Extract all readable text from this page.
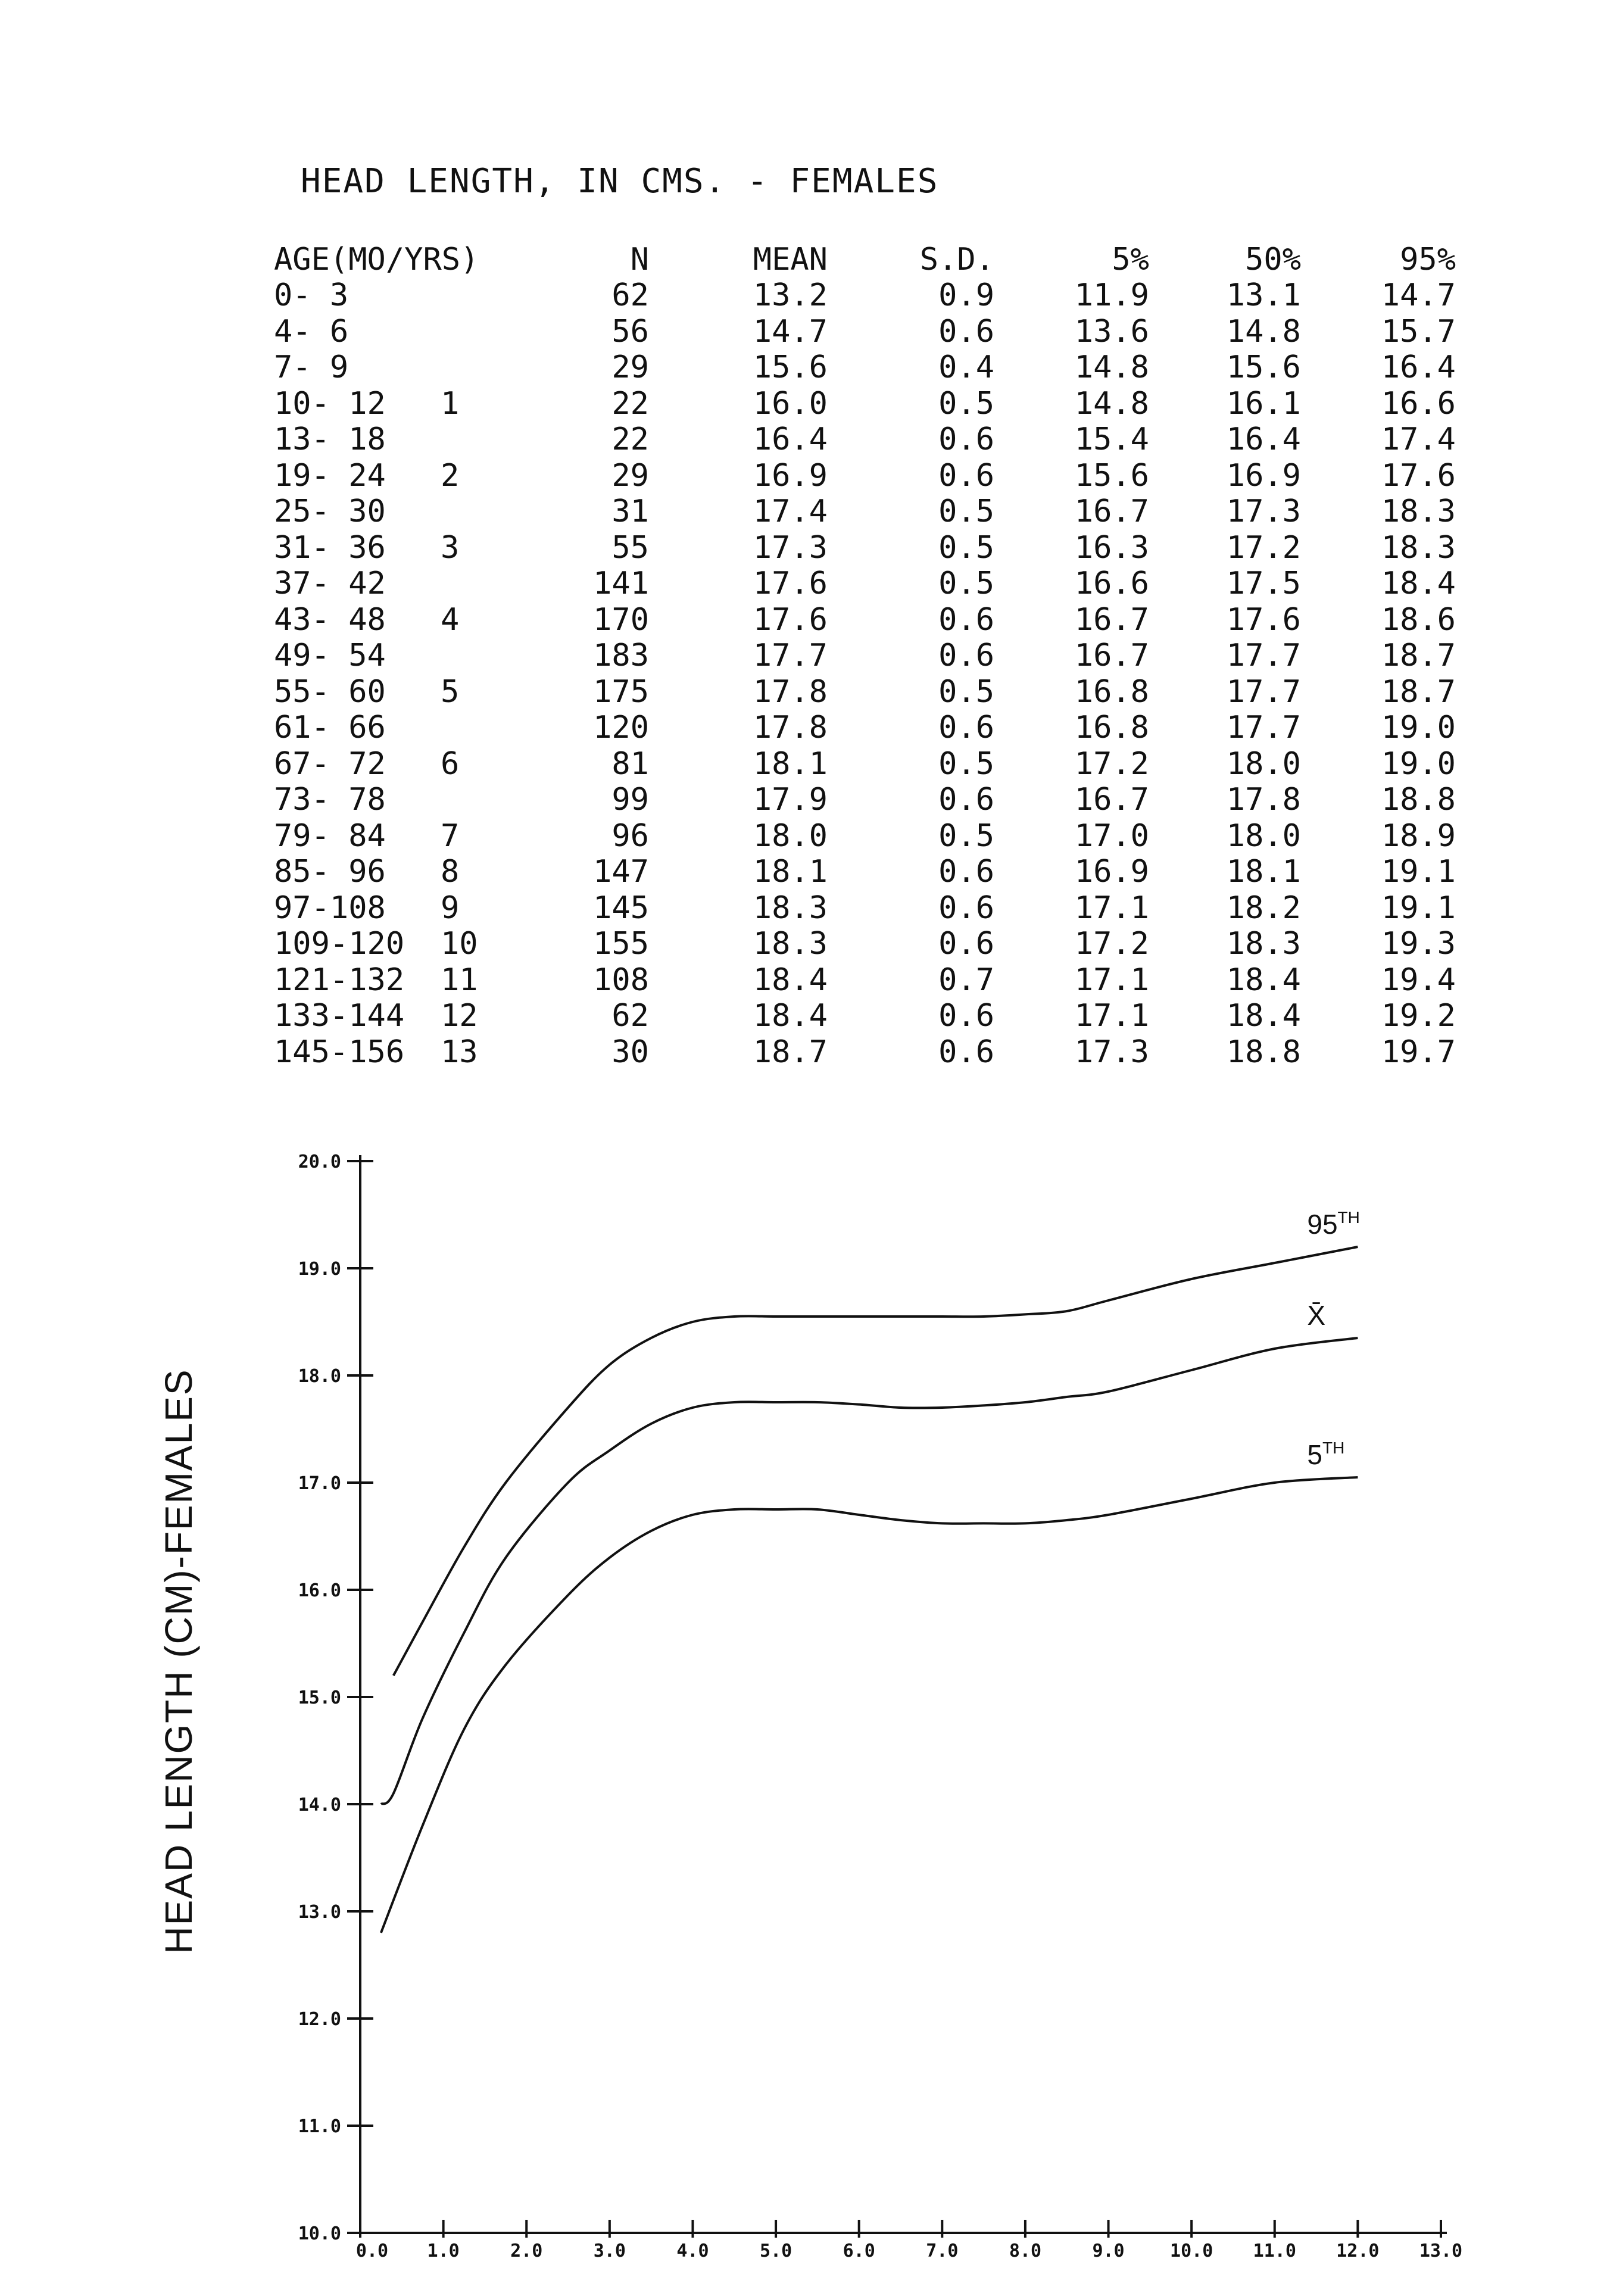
HEAD LENGTH, IN CMS. - FEMALES
AGE(MO/YRS)		N	MEAN	S.D.	5%	50%	95%
0- 3		62	13.2	0.9	11.9	13.1	14.7
4- 6		56	14.7	0.6	13.6	14.8	15.7
7- 9		29	15.6	0.4	14.8	15.6	16.4
10- 12	1	22	16.0	0.5	14.8	16.1	16.6
13- 18		22	16.4	0.6	15.4	16.4	17.4
19- 24	2	29	16.9	0.6	15.6	16.9	17.6
25- 30		31	17.4	0.5	16.7	17.3	18.3
31- 36	3	55	17.3	0.5	16.3	17.2	18.3
37- 42		141	17.6	0.5	16.6	17.5	18.4
43- 48	4	170	17.6	0.6	16.7	17.6	18.6
49- 54		183	17.7	0.6	16.7	17.7	18.7
55- 60	5	175	17.8	0.5	16.8	17.7	18.7
61- 66		120	17.8	0.6	16.8	17.7	19.0
67- 72	6	81	18.1	0.5	17.2	18.0	19.0
73- 78		99	17.9	0.6	16.7	17.8	18.8
79- 84	7	96	18.0	0.5	17.0	18.0	18.9
85- 96	8	147	18.1	0.6	16.9	18.1	19.1
97-108	9	145	18.3	0.6	17.1	18.2	19.1
109-120	10	155	18.3	0.6	17.2	18.3	19.3
121-132	11	108	18.4	0.7	17.1	18.4	19.4
133-144	12	62	18.4	0.6	17.1	18.4	19.2
145-156	13	30	18.7	0.6	17.3	18.8	19.7
10.0
11.0
12.0
13.0
14.0
15.0
16.0
17.0
18.0
19.0
20.0
0.0 1.0	2.0	3.0	4.0	5.0	6.0	7.0	8.0	9.0	10.0 11.0 12.0 13.0
95TH
X̄
5TH
HEAD LENGTH (CM)-FEMALES
